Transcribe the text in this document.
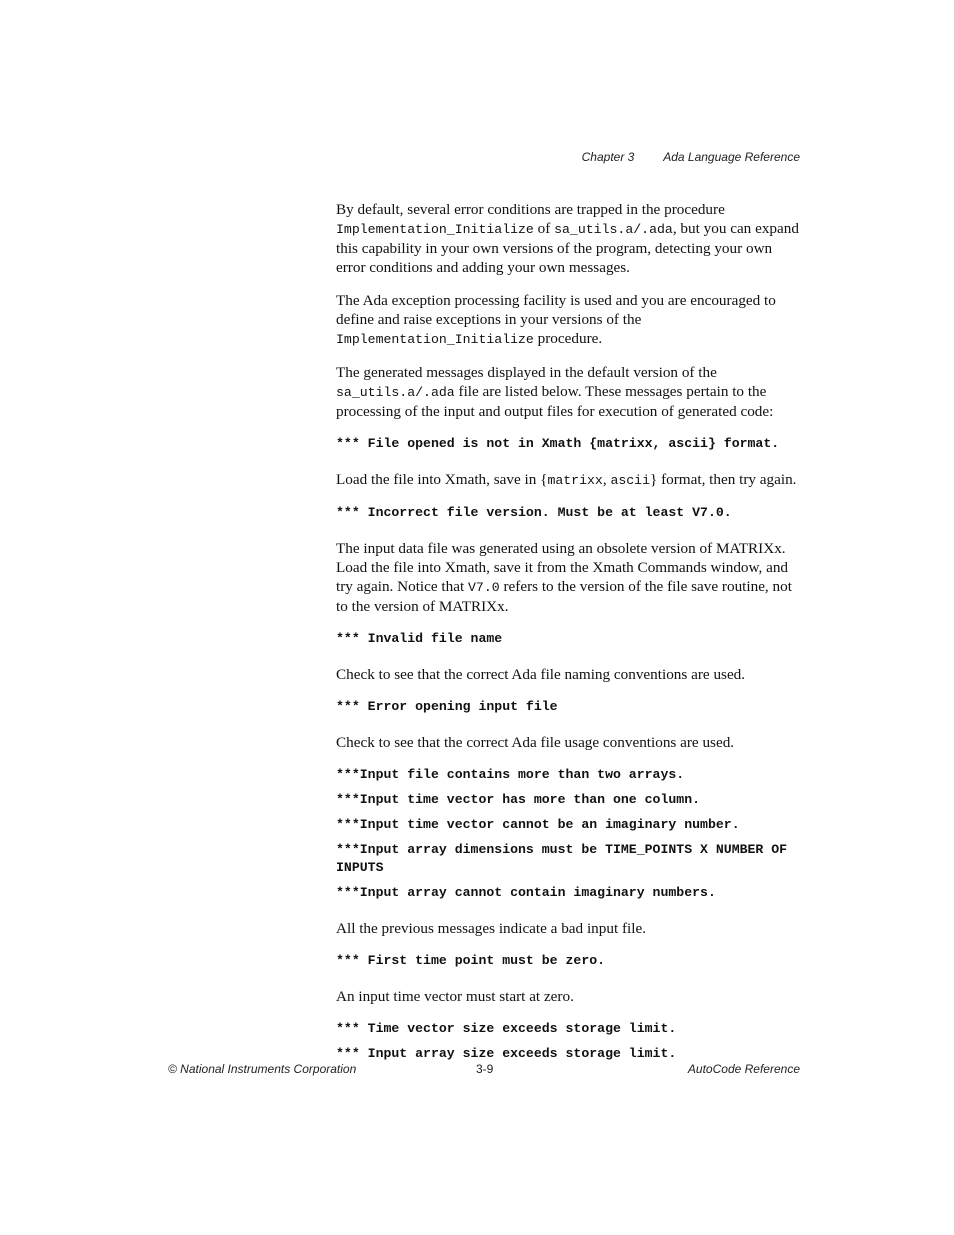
Chapter 3 Ada Language Reference

By default, several error conditions are trapped in the procedure Implementation_Initialize of sa_utils.a/.ada, but you can expand this capability in your own versions of the program, detecting your own error conditions and adding your own messages.

The Ada exception processing facility is used and you are encouraged to define and raise exceptions in your versions of the Implementation_Initialize procedure.

The generated messages displayed in the default version of the sa_utils.a/.ada file are listed below. These messages pertain to the processing of the input and output files for execution of generated code:

*** File opened is not in Xmath {matrixx, ascii} format.

Load the file into Xmath, save in {matrixx, ascii} format, then try again.

*** Incorrect file version. Must be at least V7.0.

The input data file was generated using an obsolete version of MATRIXx. Load the file into Xmath, save it from the Xmath Commands window, and try again. Notice that V7.0 refers to the version of the file save routine, not to the version of MATRIXx.

*** Invalid file name

Check to see that the correct Ada file naming conventions are used.

*** Error opening input file

Check to see that the correct Ada file usage conventions are used.

***Input file contains more than two arrays.
***Input time vector has more than one column.
***Input time vector cannot be an imaginary number.
***Input array dimensions must be TIME_POINTS X NUMBER OF INPUTS
***Input array cannot contain imaginary numbers.

All the previous messages indicate a bad input file.

*** First time point must be zero.

An input time vector must start at zero.

*** Time vector size exceeds storage limit.
*** Input array size exceeds storage limit.
© National Instruments Corporation	3-9	AutoCode Reference
